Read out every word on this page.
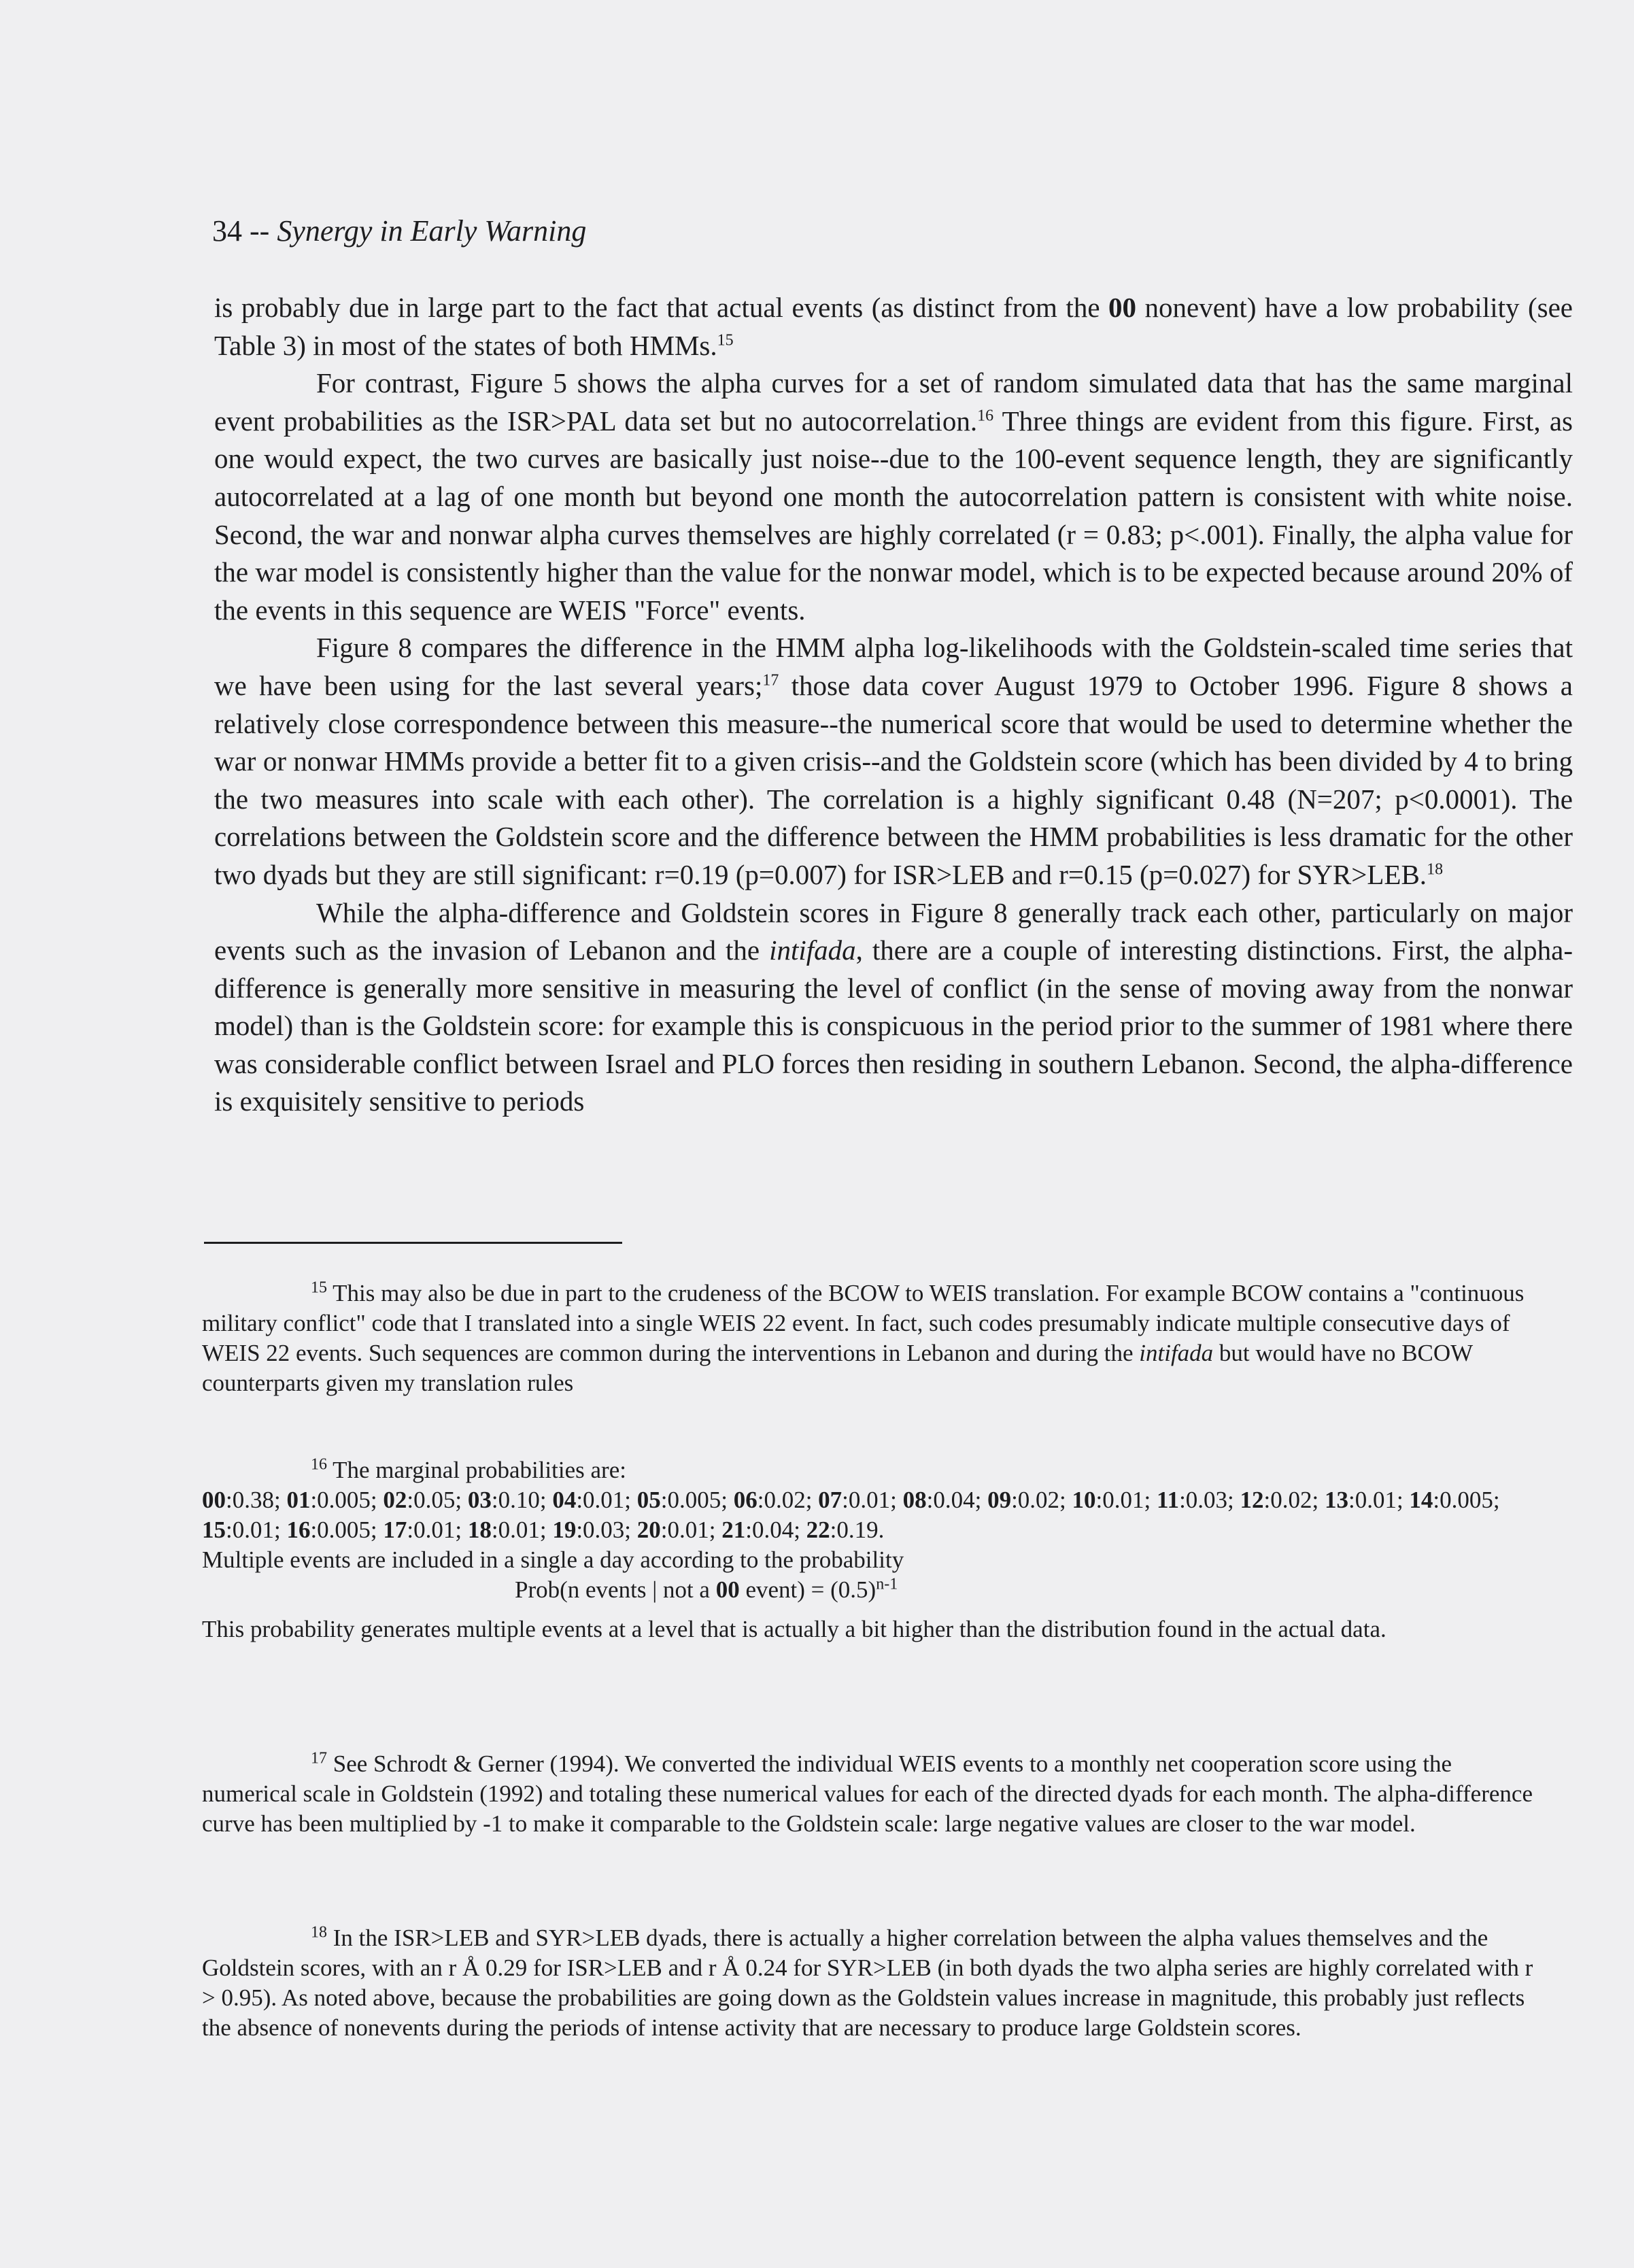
34 -- Synergy in Early Warning

is probably due in large part to the fact that actual events (as distinct from the 00 nonevent) have a low probability (see Table 3) in most of the states of both HMMs.$^{15}$

For contrast, Figure 5 shows the alpha curves for a set of random simulated data that has the same marginal event probabilities as the ISR>PAL data set but no autocorrelation.$^{16}$ Three things are evident from this figure. First, as one would expect, the two curves are basically just noise--due to the 100-event sequence length, they are significantly autocorrelated at a lag of one month but beyond one month the autocorrelation pattern is consistent with white noise. Second, the war and nonwar alpha curves themselves are highly correlated (r = 0.83; p<.001). Finally, the alpha value for the war model is consistently higher than the value for the nonwar model, which is to be expected because around 20% of the events in this sequence are WEIS "Force" events.

Figure 8 compares the difference in the HMM alpha log-likelihoods with the Goldstein-scaled time series that we have been using for the last several years;$^{17}$ those data cover August 1979 to October 1996. Figure 8 shows a relatively close correspondence between this measure--the numerical score that would be used to determine whether the war or nonwar HMMs provide a better fit to a given crisis--and the Goldstein score (which has been divided by 4 to bring the two measures into scale with each other). The correlation is a highly significant 0.48 (N=207; p<0.0001). The correlations between the Goldstein score and the difference between the HMM probabilities is less dramatic for the other two dyads but they are still significant: r=0.19 (p=0.007) for ISR>LEB and r=0.15 (p=0.027) for SYR>LEB.$^{18}$

While the alpha-difference and Goldstein scores in Figure 8 generally track each other, particularly on major events such as the invasion of Lebanon and the intifada, there are a couple of interesting distinctions. First, the alpha-difference is generally more sensitive in measuring the level of conflict (in the sense of moving away from the nonwar model) than is the Goldstein score: for example this is conspicuous in the period prior to the summer of 1981 where there was considerable conflict between Israel and PLO forces then residing in southern Lebanon. Second, the alpha-difference is exquisitely sensitive to periods

$^{15}$ This may also be due in part to the crudeness of the BCOW to WEIS translation. For example BCOW contains a "continuous military conflict" code that I translated into a single WEIS 22 event. In fact, such codes presumably indicate multiple consecutive days of WEIS 22 events. Such sequences are common during the interventions in Lebanon and during the intifada but would have no BCOW counterparts given my translation rules

$^{16}$ The marginal probabilities are:

00:0.38; 01:0.005; 02:0.05; 03:0.10; 04:0.01; 05:0.005; 06:0.02; 07:0.01; 08:0.04; 09:0.02; 10:0.01; 11:0.03; 12:0.02; 13:0.01; 14:0.005; 15:0.01; 16:0.005; 17:0.01; 18:0.01; 19:0.03; 20:0.01; 21:0.04; 22:0.19.

Multiple events are included in a single a day according to the probability

Prob(n events | not a 00 event) = $(0.5)^{n-1}$

This probability generates multiple events at a level that is actually a bit higher than the distribution found in the actual data.

$^{17}$ See Schrodt & Gerner (1994). We converted the individual WEIS events to a monthly net cooperation score using the numerical scale in Goldstein (1992) and totaling these numerical values for each of the directed dyads for each month. The alpha-difference curve has been multiplied by -1 to make it comparable to the Goldstein scale: large negative values are closer to the war model.

$^{18}$ In the ISR>LEB and SYR>LEB dyads, there is actually a higher correlation between the alpha values themselves and the Goldstein scores, with an r Å 0.29 for ISR>LEB and r Å 0.24 for SYR>LEB (in both dyads the two alpha series are highly correlated with r > 0.95). As noted above, because the probabilities are going down as the Goldstein values increase in magnitude, this probably just reflects the absence of nonevents during the periods of intense activity that are necessary to produce large Goldstein scores.
